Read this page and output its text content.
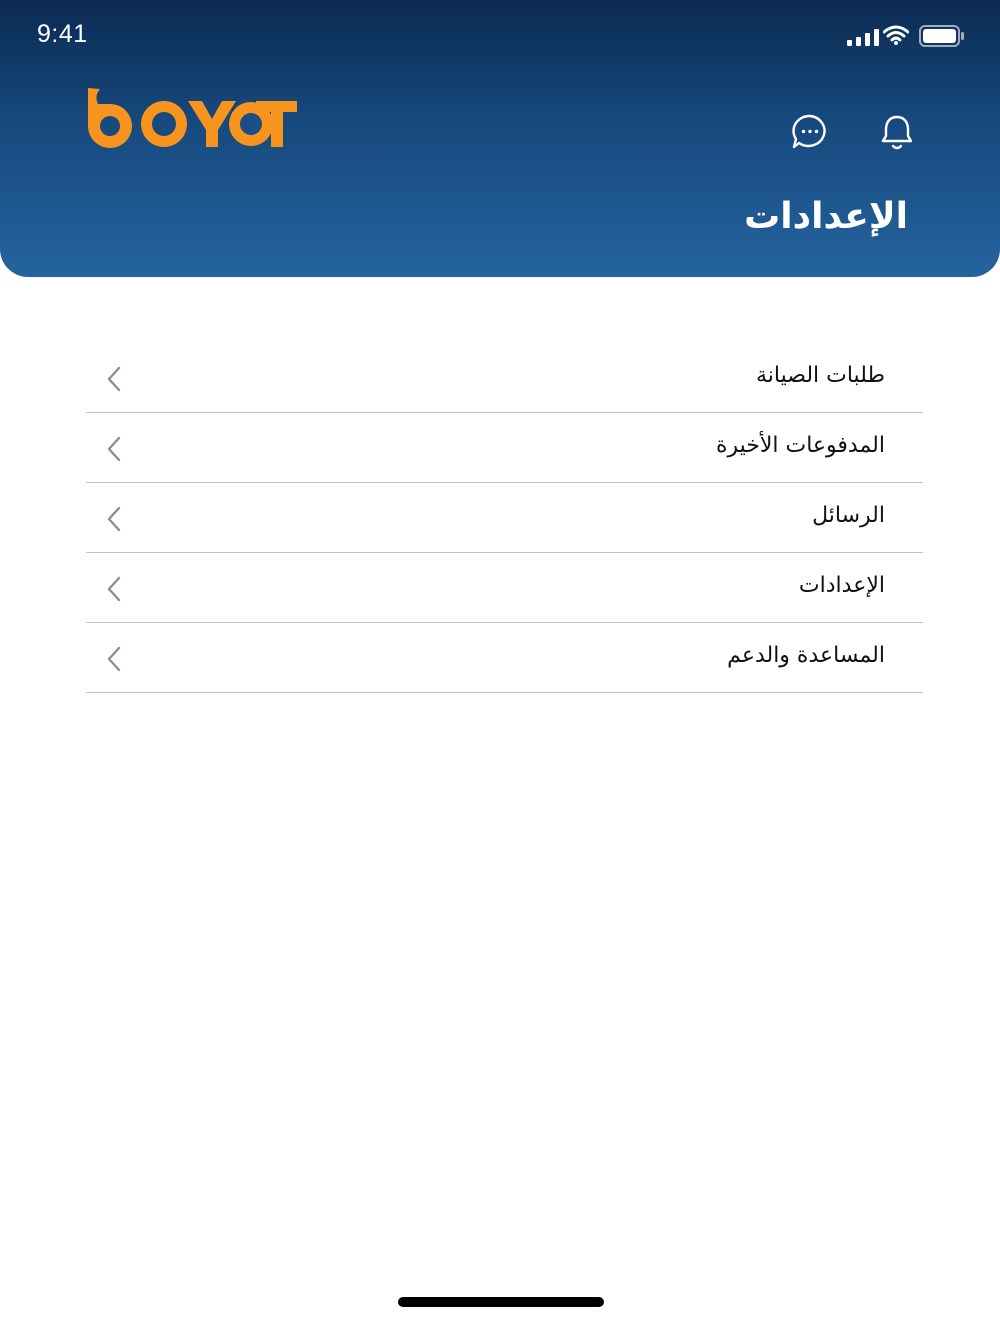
9:41
الإعدادات
طلبات الصيانة
المدفوعات الأخيرة
الرسائل
الإعدادات
المساعدة والدعم
